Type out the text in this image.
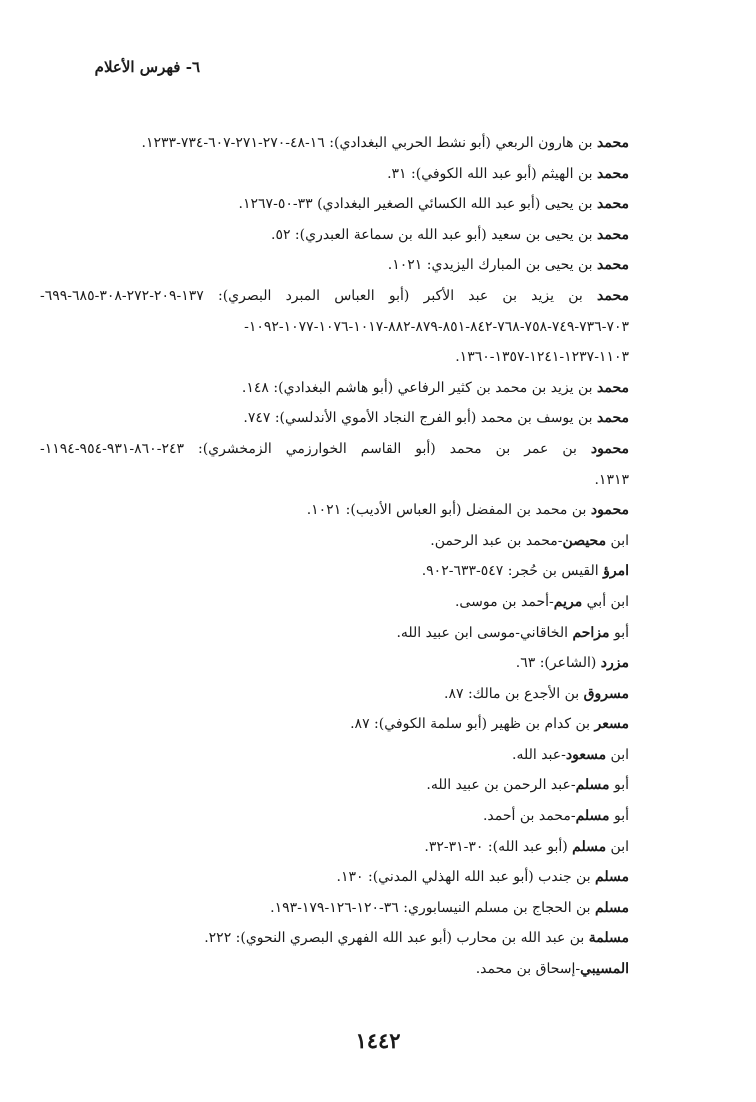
٦- فهرس الأعلام
محمد بن هارون الربعي (أبو نشط الحربي البغدادي): ١٦-٤٨-٢٧٠-٢٧١-٦٠٧-٧٣٤-١٢٣٣.
محمد بن الهيثم (أبو عبد الله الكوفي): ٣١.
محمد بن يحيى (أبو عبد الله الكسائي الصغير البغدادي) ٣٣-٥٠-١٢٦٧.
محمد بن يحيى بن سعيد (أبو عبد الله بن سماعة العبدري): ٥٢.
محمد بن يحيى بن المبارك اليزيدي: ١٠٢١.
محمد بن يزيد بن عبد الأكبر (أبو العباس المبرد البصري): ١٣٧-٢٠٩-٢٧٢-٣٠٨-٦٨٥-٦٩٩-
٧٠٣-٧٣٦-٧٤٩-٧٥٨-٧٦٨-٨٤٢-٨٥١-٨٧٩-٨٨٢-١٠١٧-١٠٧٦-١٠٧٧-١٠٩٢-
١١٠٣-١٢٣٧-١٢٤١-١٣٥٧-١٣٦٠.
محمد بن يزيد بن محمد بن كثير الرفاعي (أبو هاشم البغدادي): ١٤٨.
محمد بن يوسف بن محمد (أبو الفرج النجاد الأموي الأندلسي): ٧٤٧.
محمود بن عمر بن محمد (أبو القاسم الخوارزمي الزمخشري): ٢٤٣-٨٦٠-٩٣١-٩٥٤-١١٩٤-
١٣١٣.
محمود بن محمد بن المفضل (أبو العباس الأديب): ١٠٢١.
ابن محيصن-محمد بن عبد الرحمن.
امرؤ القيس بن حُجر: ٥٤٧-٦٣٣-٩٠٢.
ابن أبي مريم-أحمد بن موسى.
أبو مزاحم الخاقاني-موسى ابن عبيد الله.
مزرد (الشاعر): ٦٣.
مسروق بن الأجدع بن مالك: ٨٧.
مسعر بن كدام بن ظهير (أبو سلمة الكوفي): ٨٧.
ابن مسعود-عبد الله.
أبو مسلم-عبد الرحمن بن عبيد الله.
أبو مسلم-محمد بن أحمد.
ابن مسلم (أبو عبد الله): ٣٠-٣١-٣٢.
مسلم بن جندب (أبو عبد الله الهذلي المدني): ١٣٠.
مسلم بن الحجاج بن مسلم النيسابوري: ٣٦-١٢٠-١٢٦-١٧٩-١٩٣.
مسلمة بن عبد الله بن محارب (أبو عبد الله الفهري البصري النحوي): ٢٢٢.
المسيبي-إسحاق بن محمد.
١٤٤٢
